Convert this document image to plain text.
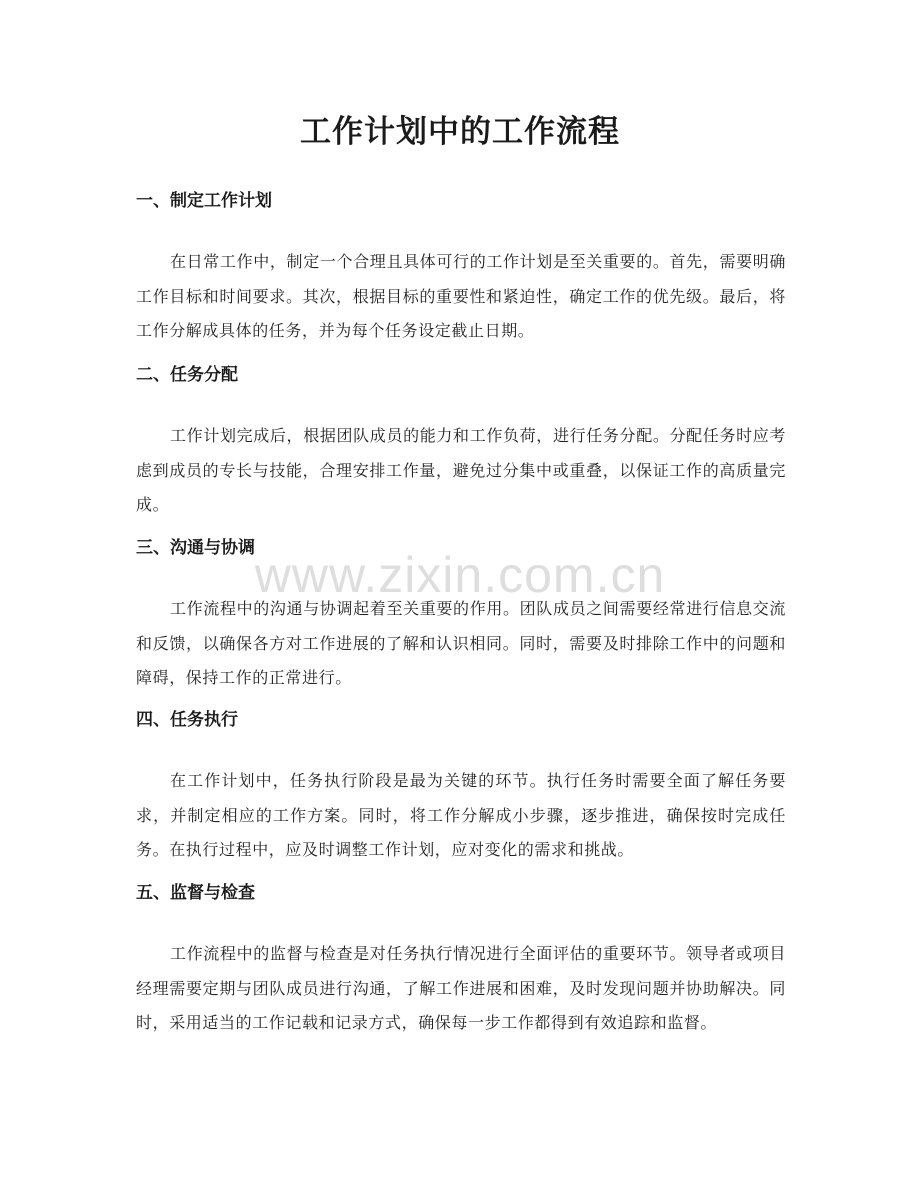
工作计划中的工作流程
www.zixin.com.cn
一、制定工作计划

在日常工作中，制定一个合理且具体可行的工作计划是至关重要的。首先，需要明确工作目标和时间要求。其次，根据目标的重要性和紧迫性，确定工作的优先级。最后，将工作分解成具体的任务，并为每个任务设定截止日期。

二、任务分配

工作计划完成后，根据团队成员的能力和工作负荷，进行任务分配。分配任务时应考虑到成员的专长与技能，合理安排工作量，避免过分集中或重叠，以保证工作的高质量完成。

三、沟通与协调

工作流程中的沟通与协调起着至关重要的作用。团队成员之间需要经常进行信息交流和反馈，以确保各方对工作进展的了解和认识相同。同时，需要及时排除工作中的问题和障碍，保持工作的正常进行。

四、任务执行

在工作计划中，任务执行阶段是最为关键的环节。执行任务时需要全面了解任务要求，并制定相应的工作方案。同时，将工作分解成小步骤，逐步推进，确保按时完成任务。在执行过程中，应及时调整工作计划，应对变化的需求和挑战。

五、监督与检查

工作流程中的监督与检查是对任务执行情况进行全面评估的重要环节。领导者或项目经理需要定期与团队成员进行沟通，了解工作进展和困难，及时发现问题并协助解决。同时，采用适当的工作记载和记录方式，确保每一步工作都得到有效追踪和监督。
